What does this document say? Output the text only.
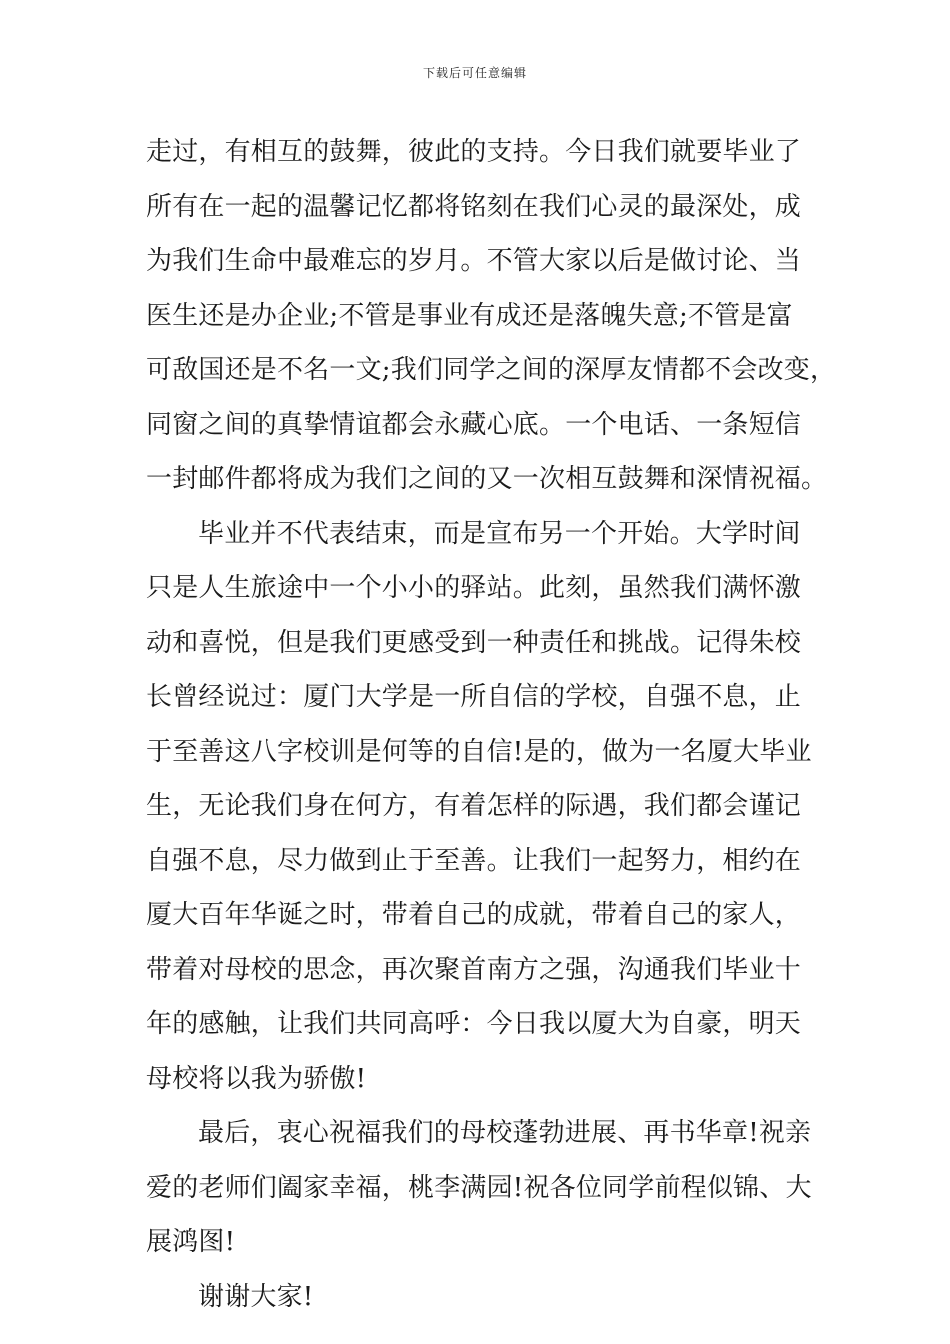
下载后可任意编辑
走过，有相互的鼓舞，彼此的支持。今日我们就要毕业了
所有在一起的温馨记忆都将铭刻在我们心灵的最深处，成
为我们生命中最难忘的岁月。不管大家以后是做讨论、当
医生还是办企业;不管是事业有成还是落魄失意;不管是富
可敌国还是不名一文;我们同学之间的深厚友情都不会改变，
同窗之间的真挚情谊都会永藏心底。一个电话、一条短信
一封邮件都将成为我们之间的又一次相互鼓舞和深情祝福。
毕业并不代表结束，而是宣布另一个开始。大学时间
只是人生旅途中一个小小的驿站。此刻，虽然我们满怀激
动和喜悦，但是我们更感受到一种责任和挑战。记得朱校
长曾经说过：厦门大学是一所自信的学校，自强不息，止
于至善这八字校训是何等的自信!是的，做为一名厦大毕业
生，无论我们身在何方，有着怎样的际遇，我们都会谨记
自强不息，尽力做到止于至善。让我们一起努力，相约在
厦大百年华诞之时，带着自己的成就，带着自己的家人，
带着对母校的思念，再次聚首南方之强，沟通我们毕业十
年的感触，让我们共同高呼：今日我以厦大为自豪，明天
母校将以我为骄傲!
最后，衷心祝福我们的母校蓬勃进展、再书华章!祝亲
爱的老师们阖家幸福，桃李满园!祝各位同学前程似锦、大
展鸿图!
谢谢大家!
